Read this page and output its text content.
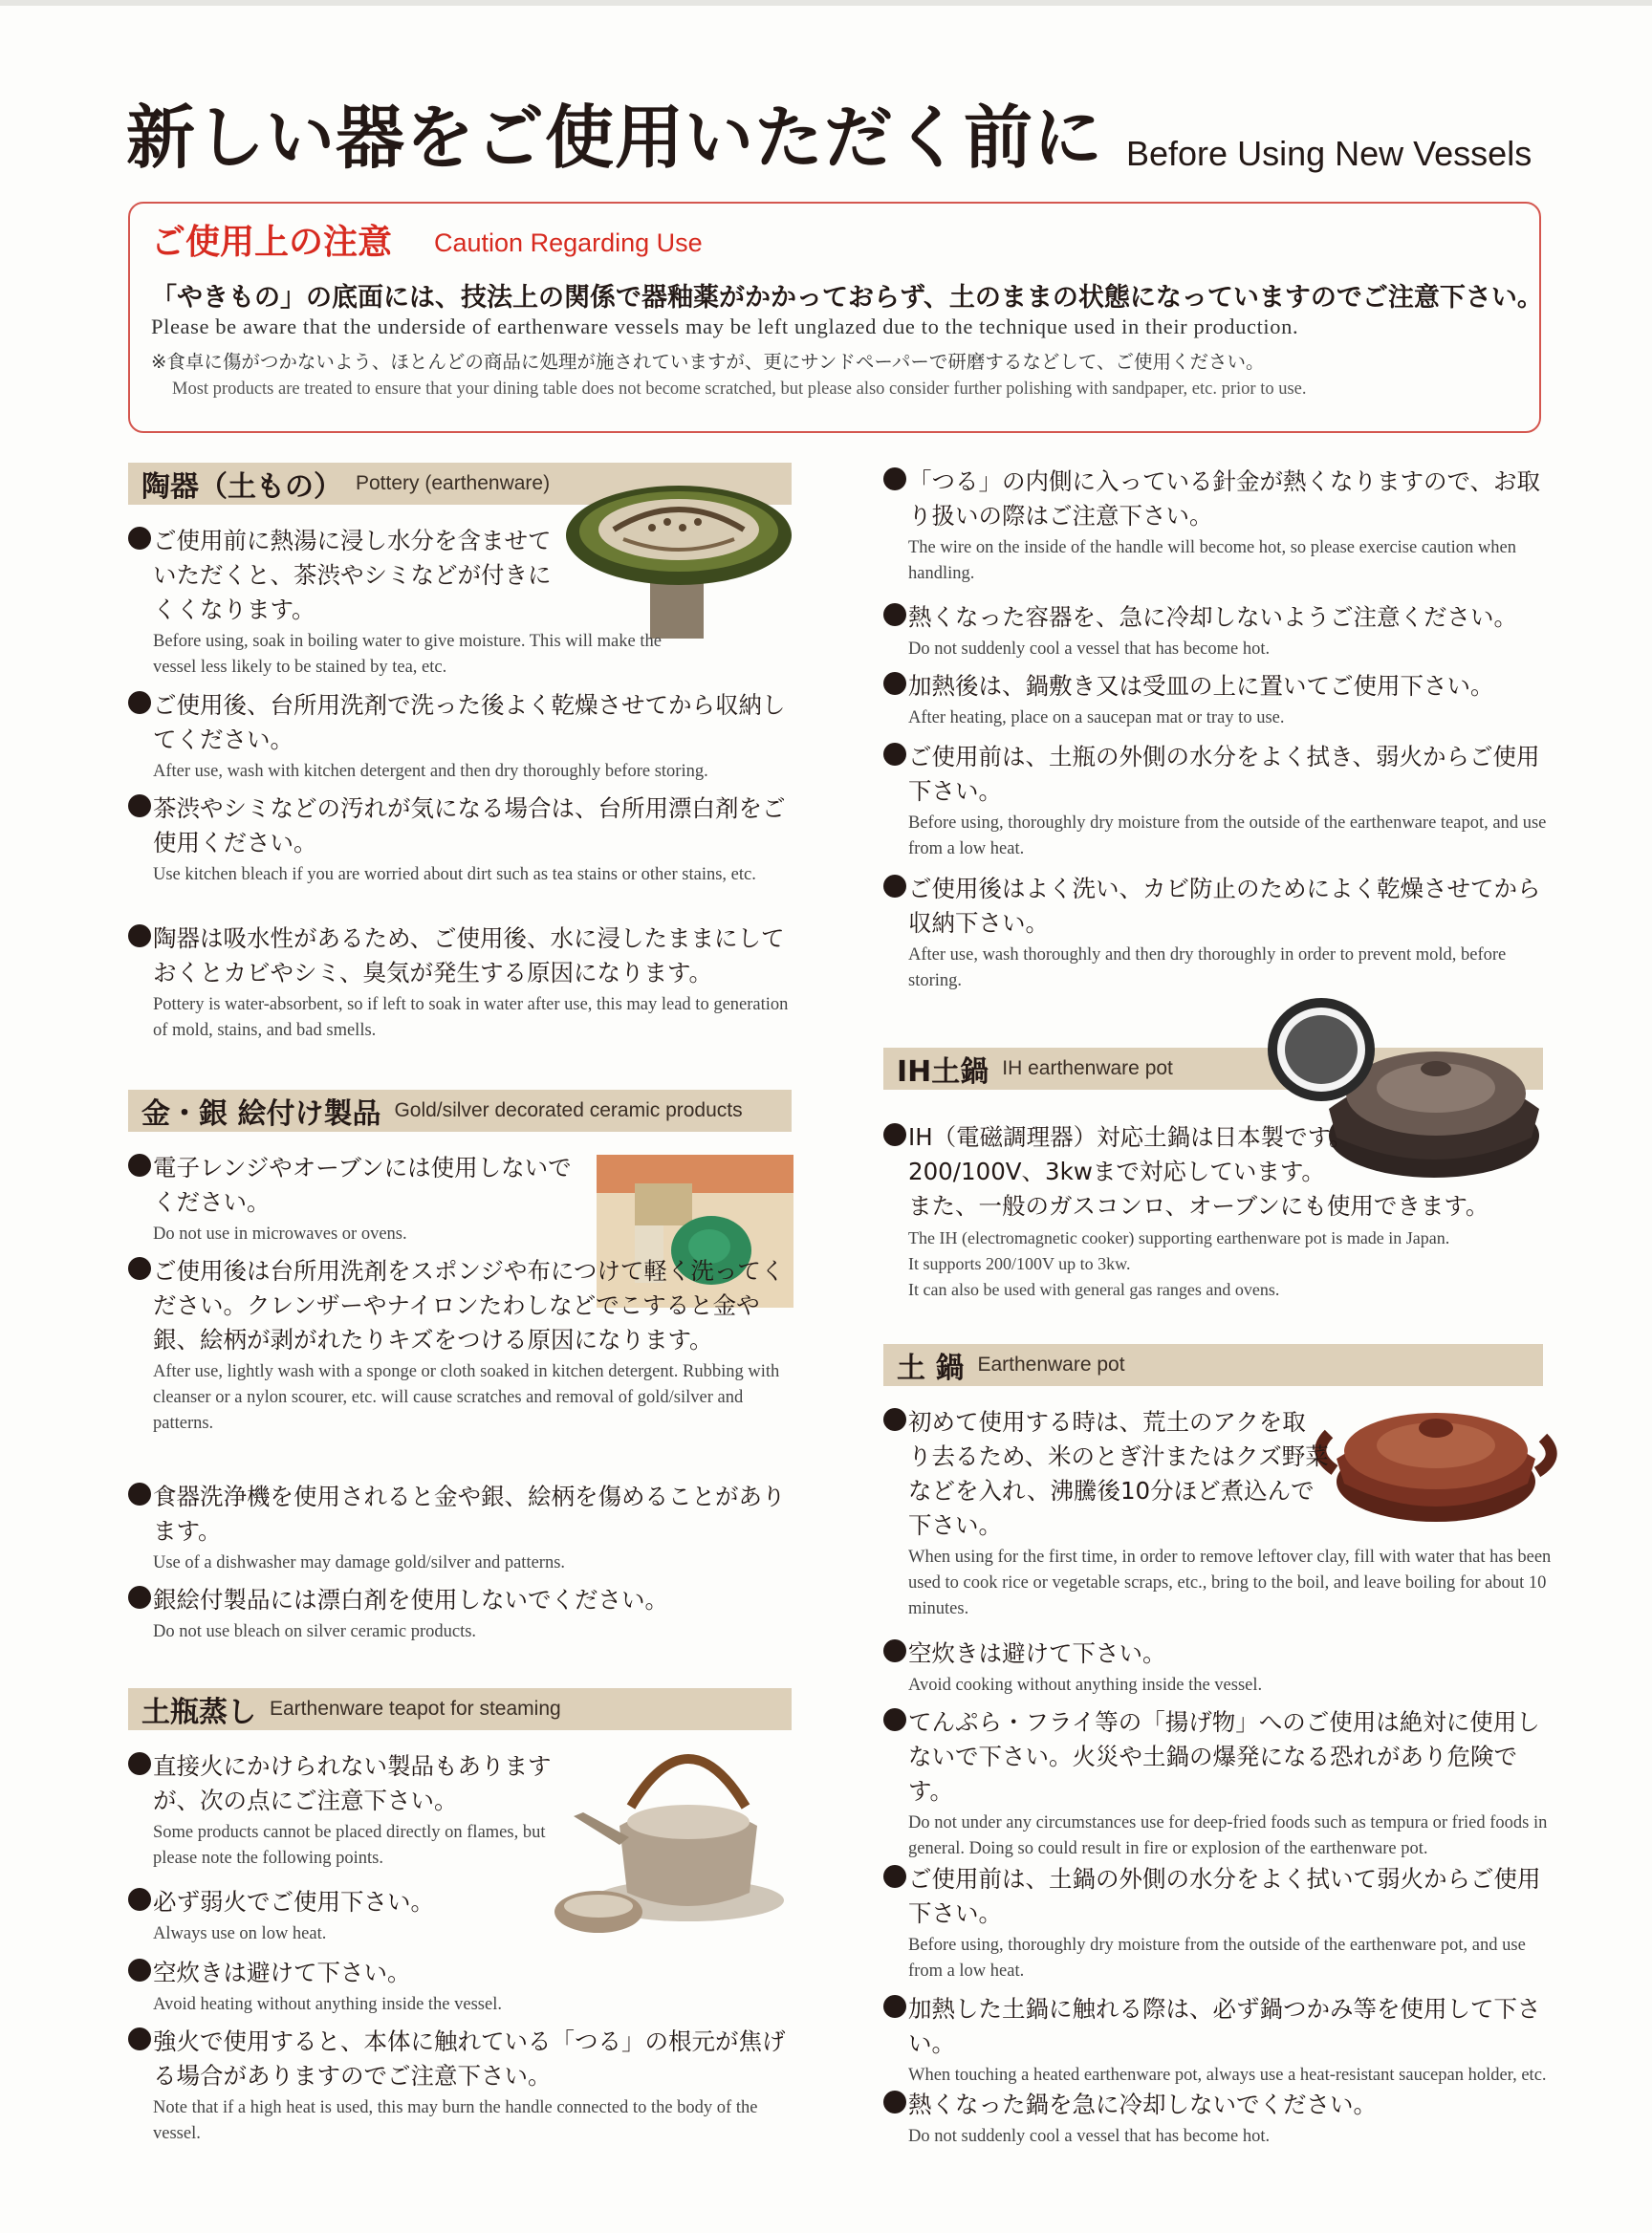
新しい器をご使用いただく前に Before Using New Vessels
ご使用上の注意 Caution Regarding Use
「やきもの」の底面には、技法上の関係で器釉薬がかかっておらず、土のままの状態になっていますのでご注意下さい。
Please be aware that the underside of earthenware vessels may be left unglazed due to the technique used in their production.
※食卓に傷がつかないよう、ほとんどの商品に処理が施されていますが、更にサンドペーパーで研磨するなどして、ご使用ください。
Most products are treated to ensure that your dining table does not become scratched, but please also consider further polishing with sandpaper, etc. prior to use.
陶器（土もの） Pottery (earthenware)
ご使用前に熱湯に浸し水分を含ませていただくと、茶渋やシミなどが付きにくくなります。
Before using, soak in boiling water to give moisture. This will make the vessel less likely to be stained by tea, etc.
ご使用後、台所用洗剤で洗った後よく乾燥させてから収納してください。
After use, wash with kitchen detergent and then dry thoroughly before storing.
茶渋やシミなどの汚れが気になる場合は、台所用漂白剤をご使用ください。
Use kitchen bleach if you are worried about dirt such as tea stains or other stains, etc.
陶器は吸水性があるため、ご使用後、水に浸したままにしておくとカビやシミ、臭気が発生する原因になります。
Pottery is water-absorbent, so if left to soak in water after use, this may lead to generation of mold, stains, and bad smells.
金・銀 絵付け製品 Gold/silver decorated ceramic products
電子レンジやオーブンには使用しないでください。
Do not use in microwaves or ovens.
ご使用後は台所用洗剤をスポンジや布につけて軽く洗ってください。クレンザーやナイロンたわしなどでこすると金や銀、絵柄が剥がれたりキズをつける原因になります。
After use, lightly wash with a sponge or cloth soaked in kitchen detergent. Rubbing with cleanser or a nylon scourer, etc. will cause scratches and removal of gold/silver and patterns.
食器洗浄機を使用されると金や銀、絵柄を傷めることがあります。
Use of a dishwasher may damage gold/silver and patterns.
銀絵付製品には漂白剤を使用しないでください。
Do not use bleach on silver ceramic products.
土瓶蒸し Earthenware teapot for steaming
直接火にかけられない製品もありますが、次の点にご注意下さい。
Some products cannot be placed directly on flames, but please note the following points.
必ず弱火でご使用下さい。
Always use on low heat.
空炊きは避けて下さい。
Avoid heating without anything inside the vessel.
強火で使用すると、本体に触れている「つる」の根元が焦げる場合がありますのでご注意下さい。
Note that if a high heat is used, this may burn the handle connected to the body of the vessel.
「つる」の内側に入っている針金が熱くなりますので、お取り扱いの際はご注意下さい。
The wire on the inside of the handle will become hot, so please exercise caution when handling.
熱くなった容器を、急に冷却しないようご注意ください。
Do not suddenly cool a vessel that has become hot.
加熱後は、鍋敷き又は受皿の上に置いてご使用下さい。
After heating, place on a saucepan mat or tray to use.
ご使用前は、土瓶の外側の水分をよく拭き、弱火からご使用下さい。
Before using, thoroughly dry moisture from the outside of the earthenware teapot, and use from a low heat.
ご使用後はよく洗い、カビ防止のためによく乾燥させてから収納下さい。
After use, wash thoroughly and then dry thoroughly in order to prevent mold, before storing.
IH土鍋 IH earthenware pot
IH（電磁調理器）対応土鍋は日本製です。
200/100V、3kwまで対応しています。
また、一般のガスコンロ、オーブンにも使用できます。
The IH (electromagnetic cooker) supporting earthenware pot is made in Japan.
It supports 200/100V up to 3kw.
It can also be used with general gas ranges and ovens.
土 鍋 Earthenware pot
初めて使用する時は、荒土のアクを取り去るため、米のとぎ汁またはクズ野菜などを入れ、沸騰後10分ほど煮込んで下さい。
When using for the first time, in order to remove leftover clay, fill with water that has been used to cook rice or vegetable scraps, etc., bring to the boil, and leave boiling for about 10 minutes.
空炊きは避けて下さい。
Avoid cooking without anything inside the vessel.
てんぷら・フライ等の「揚げ物」へのご使用は絶対に使用しないで下さい。火災や土鍋の爆発になる恐れがあり危険です。
Do not under any circumstances use for deep-fried foods such as tempura or fried foods in general. Doing so could result in fire or explosion of the earthenware pot.
ご使用前は、土鍋の外側の水分をよく拭いて弱火からご使用下さい。
Before using, thoroughly dry moisture from the outside of the earthenware pot, and use from a low heat.
加熱した土鍋に触れる際は、必ず鍋つかみ等を使用して下さい。
When touching a heated earthenware pot, always use a heat-resistant saucepan holder, etc.
熱くなった鍋を急に冷却しないでください。
Do not suddenly cool a vessel that has become hot.
